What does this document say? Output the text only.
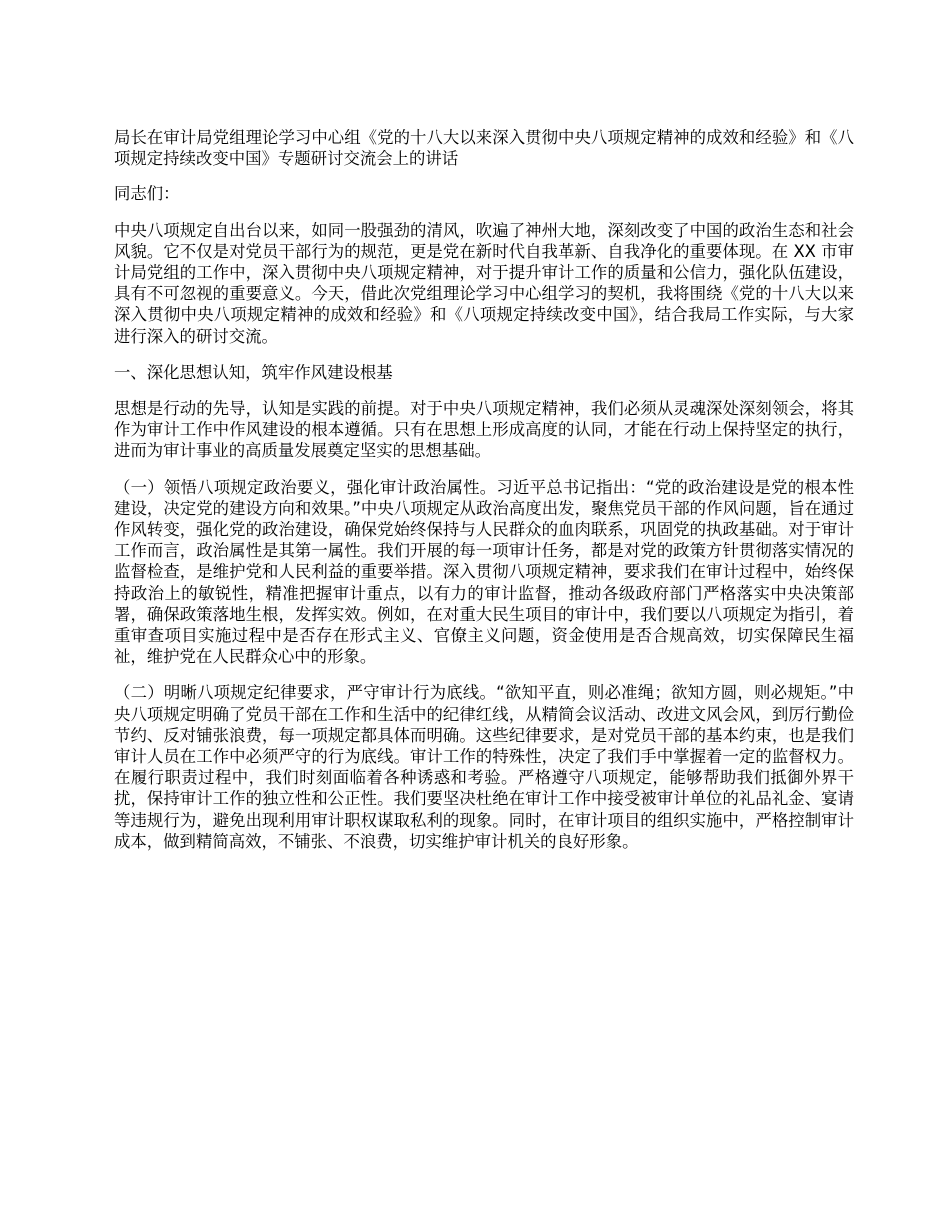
局长在审计局党组理论学习中心组《党的十八大以来深入贯彻中央八项规定精神的成效和经验》和《八项规定持续改变中国》专题研讨交流会上的讲话

同志们：

中央八项规定自出台以来，如同一股强劲的清风，吹遍了神州大地，深刻改变了中国的政治生态和社会风貌。它不仅是对党员干部行为的规范，更是党在新时代自我革新、自我净化的重要体现。在 XX 市审计局党组的工作中，深入贯彻中央八项规定精神，对于提升审计工作的质量和公信力，强化队伍建设，具有不可忽视的重要意义。今天，借此次党组理论学习中心组学习的契机，我将围绕《党的十八大以来深入贯彻中央八项规定精神的成效和经验》和《八项规定持续改变中国》，结合我局工作实际，与大家进行深入的研讨交流。

一、深化思想认知，筑牢作风建设根基

思想是行动的先导，认知是实践的前提。对于中央八项规定精神，我们必须从灵魂深处深刻领会，将其作为审计工作中作风建设的根本遵循。只有在思想上形成高度的认同，才能在行动上保持坚定的执行，进而为审计事业的高质量发展奠定坚实的思想基础。

（一）领悟八项规定政治要义，强化审计政治属性。习近平总书记指出：“党的政治建设是党的根本性建设，决定党的建设方向和效果。”中央八项规定从政治高度出发，聚焦党员干部的作风问题，旨在通过作风转变，强化党的政治建设，确保党始终保持与人民群众的血肉联系，巩固党的执政基础。对于审计工作而言，政治属性是其第一属性。我们开展的每一项审计任务，都是对党的政策方针贯彻落实情况的监督检查，是维护党和人民利益的重要举措。深入贯彻八项规定精神，要求我们在审计过程中，始终保持政治上的敏锐性，精准把握审计重点，以有力的审计监督，推动各级政府部门严格落实中央决策部署，确保政策落地生根，发挥实效。例如，在对重大民生项目的审计中，我们要以八项规定为指引，着重审查项目实施过程中是否存在形式主义、官僚主义问题，资金使用是否合规高效，切实保障民生福祉，维护党在人民群众心中的形象。

（二）明晰八项规定纪律要求，严守审计行为底线。“欲知平直，则必准绳；欲知方圆，则必规矩。”中央八项规定明确了党员干部在工作和生活中的纪律红线，从精简会议活动、改进文风会风，到厉行勤俭节约、反对铺张浪费，每一项规定都具体而明确。这些纪律要求，是对党员干部的基本约束，也是我们审计人员在工作中必须严守的行为底线。审计工作的特殊性，决定了我们手中掌握着一定的监督权力。在履行职责过程中，我们时刻面临着各种诱惑和考验。严格遵守八项规定，能够帮助我们抵御外界干扰，保持审计工作的独立性和公正性。我们要坚决杜绝在审计工作中接受被审计单位的礼品礼金、宴请等违规行为，避免出现利用审计职权谋取私利的现象。同时，在审计项目的组织实施中，严格控制审计成本，做到精简高效，不铺张、不浪费，切实维护审计机关的良好形象。
